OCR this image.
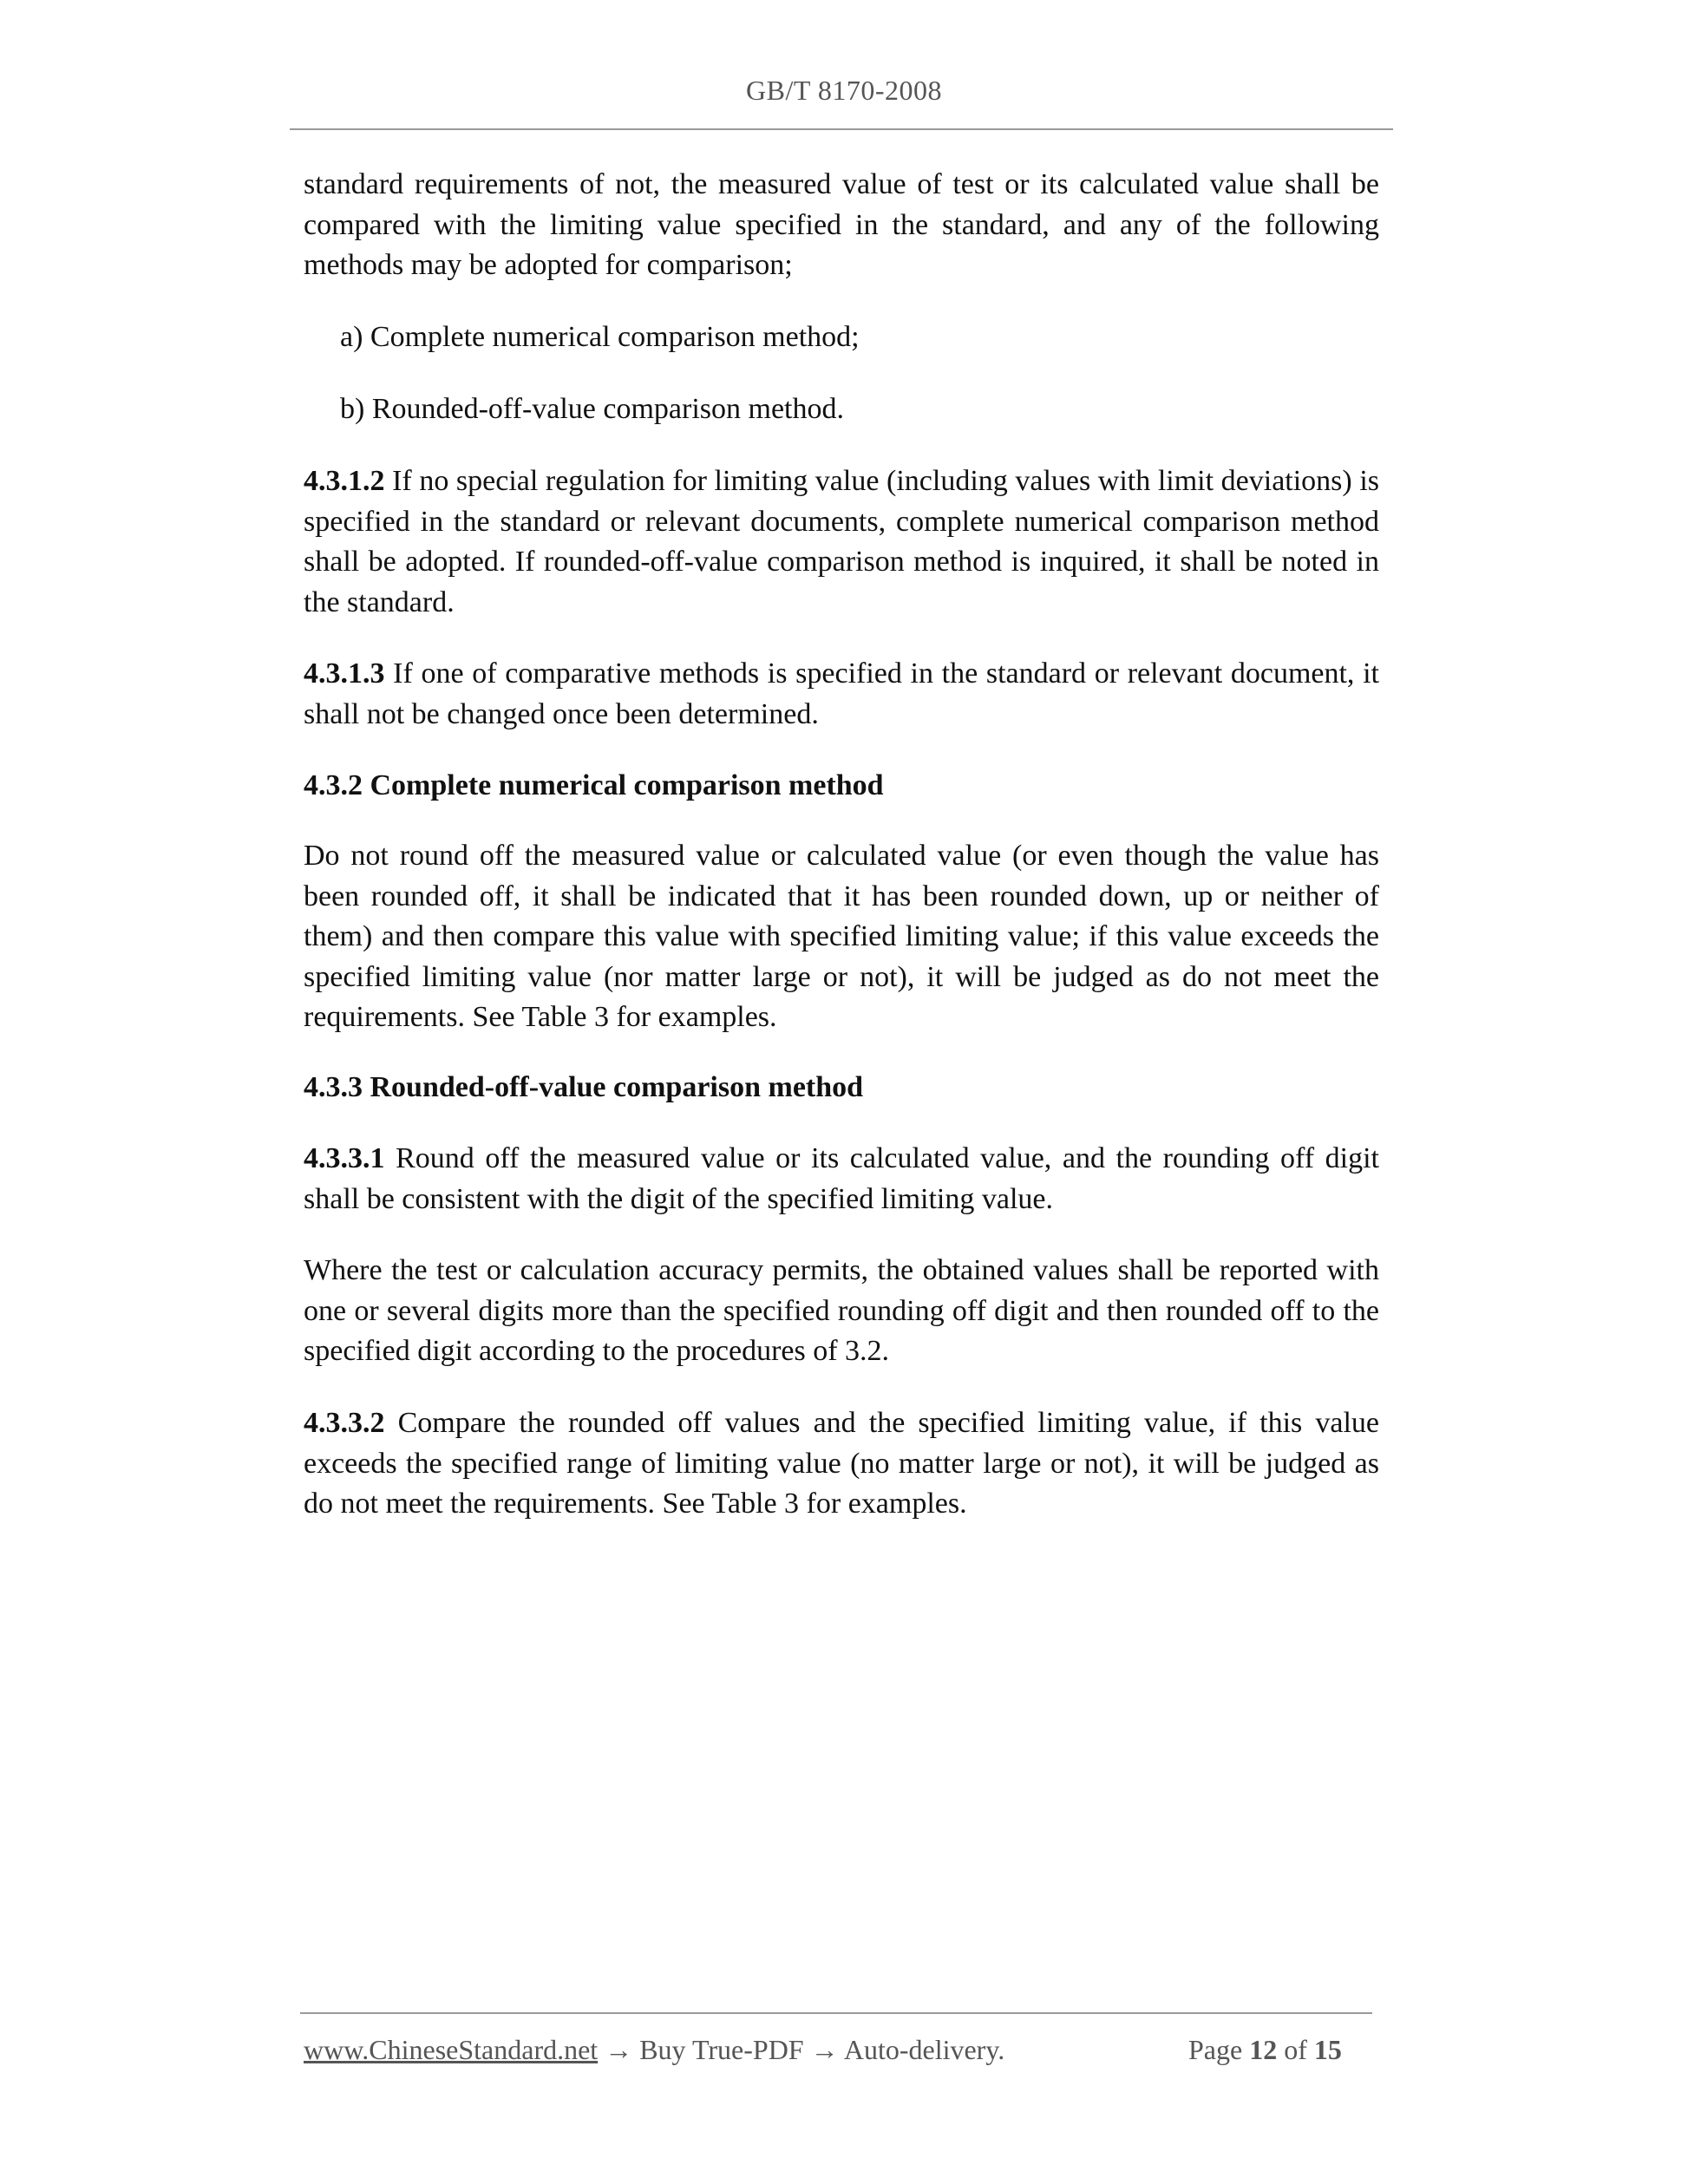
GB/T 8170-2008

standard requirements of not, the measured value of test or its calculated value shall be compared with the limiting value specified in the standard, and any of the following methods may be adopted for comparison;

a) Complete numerical comparison method;

b) Rounded-off-value comparison method.

4.3.1.2 If no special regulation for limiting value (including values with limit deviations) is specified in the standard or relevant documents, complete numerical comparison method shall be adopted. If rounded-off-value comparison method is inquired, it shall be noted in the standard.

4.3.1.3 If one of comparative methods is specified in the standard or relevant document, it shall not be changed once been determined.

4.3.2 Complete numerical comparison method

Do not round off the measured value or calculated value (or even though the value has been rounded off, it shall be indicated that it has been rounded down, up or neither of them) and then compare this value with specified limiting value; if this value exceeds the specified limiting value (nor matter large or not), it will be judged as do not meet the requirements. See Table 3 for examples.

4.3.3 Rounded-off-value comparison method

4.3.3.1 Round off the measured value or its calculated value, and the rounding off digit shall be consistent with the digit of the specified limiting value.

Where the test or calculation accuracy permits, the obtained values shall be reported with one or several digits more than the specified rounding off digit and then rounded off to the specified digit according to the procedures of 3.2.

4.3.3.2 Compare the rounded off values and the specified limiting value, if this value exceeds the specified range of limiting value (no matter large or not), it will be judged as do not meet the requirements. See Table 3 for examples.

www.ChineseStandard.net → Buy True-PDF → Auto-delivery.	Page 12 of 15
